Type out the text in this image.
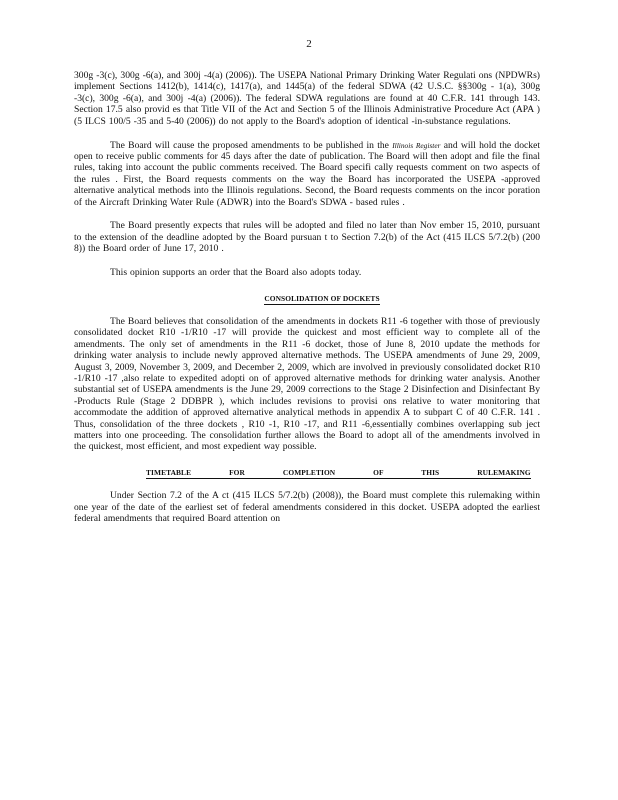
2

300g -3(c), 300g -6(a), and 300j -4(a) (2006)). The USEPA National Primary Drinking Water Regulati ons (NPDWRs) implement Sections 1412(b), 1414(c), 1417(a), and 1445(a) of the federal SDWA (42 U.S.C. §§300g - 1(a), 300g -3(c), 300g -6(a), and 300j -4(a) (2006)). The federal SDWA regulations are found at 40 C.F.R. 141 through 143. Section 17.5 also provid es that Title VII of the Act and Section 5 of the Illinois Administrative Procedure Act (APA )(5 ILCS 100/5 -35 and 5-40 (2006)) do not apply to the Board's adoption of identical -in-substance regulations.

The Board will cause the proposed amendments to be published in the Illinois Register and will hold the docket open to receive public comments for 45 days after the date of publication. The Board will then adopt and file the final rules, taking into account the public comments received. The Board specifi cally requests comment on two aspects of the rules . First, the Board requests comments on the way the Board has incorporated the USEPA -approved alternative analytical methods into the Illinois regulations. Second, the Board requests comments on the incor poration of the Aircraft Drinking Water Rule (ADWR) into the Board's SDWA - based rules .

The Board presently expects that rules will be adopted and filed no later than Nov ember 15, 2010, pursuant to the extension of the deadline adopted by the Board pursuan t to Section 7.2(b) of the Act (415 ILCS 5/7.2(b) (200 8)) the Board order of June 17, 2010 .

This opinion supports an order that the Board also adopts today.

CONSOLIDATION OF DOCKETS

The Board believes that consolidation of the amendments in dockets R11 -6 together with those of previously consolidated docket R10 -1/R10 -17 will provide the quickest and most efficient way to complete all of the amendments. The only set of amendments in the R11 -6 docket, those of June 8, 2010 update the methods for drinking water analysis to include newly approved alternative methods. The USEPA amendments of June 29, 2009, August 3, 2009, November 3, 2009, and December 2, 2009, which are involved in previously consolidated docket R10 -1/R10 -17 ,also relate to expedited adopti on of approved alternative methods for drinking water analysis. Another substantial set of USEPA amendments is the June 29, 2009 corrections to the Stage 2 Disinfection and Disinfectant By -Products Rule (Stage 2 DDBPR ), which includes revisions to provisi ons relative to water monitoring that accommodate the addition of approved alternative analytical methods in appendix A to subpart C of 40 C.F.R. 141 . Thus, consolidation of the three dockets , R10 -1, R10 -17, and R11 -6,essentially combines overlapping sub ject matters into one proceeding. The consolidation further allows the Board to adopt all of the amendments involved in the quickest, most efficient, and most expedient way possible.

TIMETABLE FOR COMPLETION OF THIS RULEMAKING

Under Section 7.2 of the A ct (415 ILCS 5/7.2(b) (2008)), the Board must complete this rulemaking within one year of the date of the earliest set of federal amendments considered in this docket. USEPA adopted the earliest federal amendments that required Board attention on
